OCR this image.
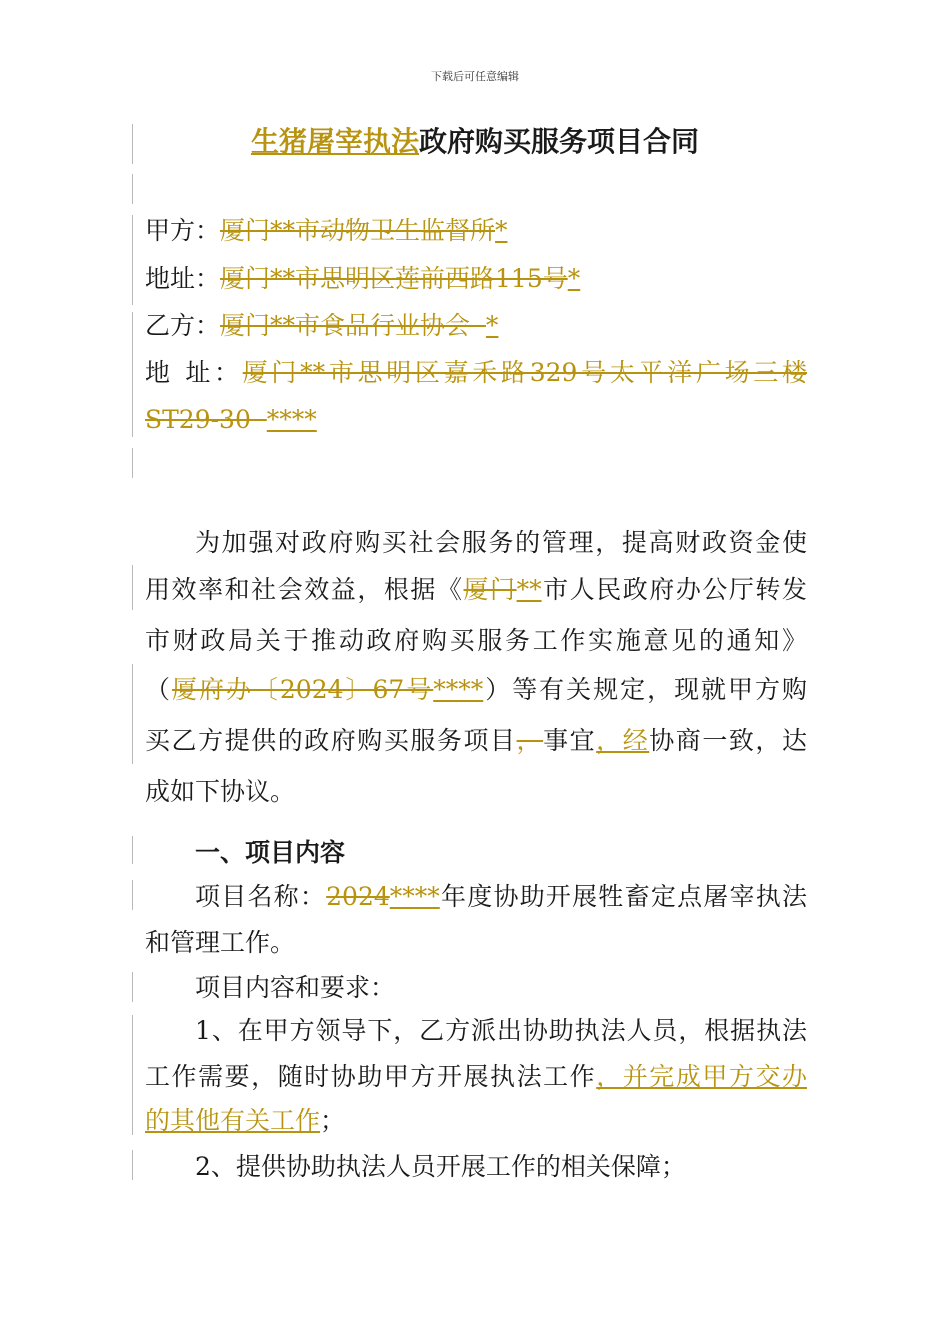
下载后可任意编辑
生猪屠宰执法政府购买服务项目合同
甲方：厦门**市动物卫生监督所*
地址：厦门**市思明区莲前西路115号*
乙方：厦门**市食品行业协会  *
地 址：厦门**市思明区嘉禾路329号太平洋广场三楼
ST29-30  ****
为加强对政府购买社会服务的管理，提高财政资金使
用效率和社会效益，根据《厦门**市人民政府办公厅转发
市财政局关于推动政府购买服务工作实施意见的通知》
（厦府办〔2024〕67号****）等有关规定，现就甲方购
买乙方提供的政府购买服务项目，事宜，经协商一致，达
成如下协议。
一、项目内容
项目名称：2024****年度协助开展牲畜定点屠宰执法
和管理工作。
项目内容和要求：
1、在甲方领导下，乙方派出协助执法人员，根据执法
工作需要，随时协助甲方开展执法工作，并完成甲方交办
的其他有关工作；
2、提供协助执法人员开展工作的相关保障；
